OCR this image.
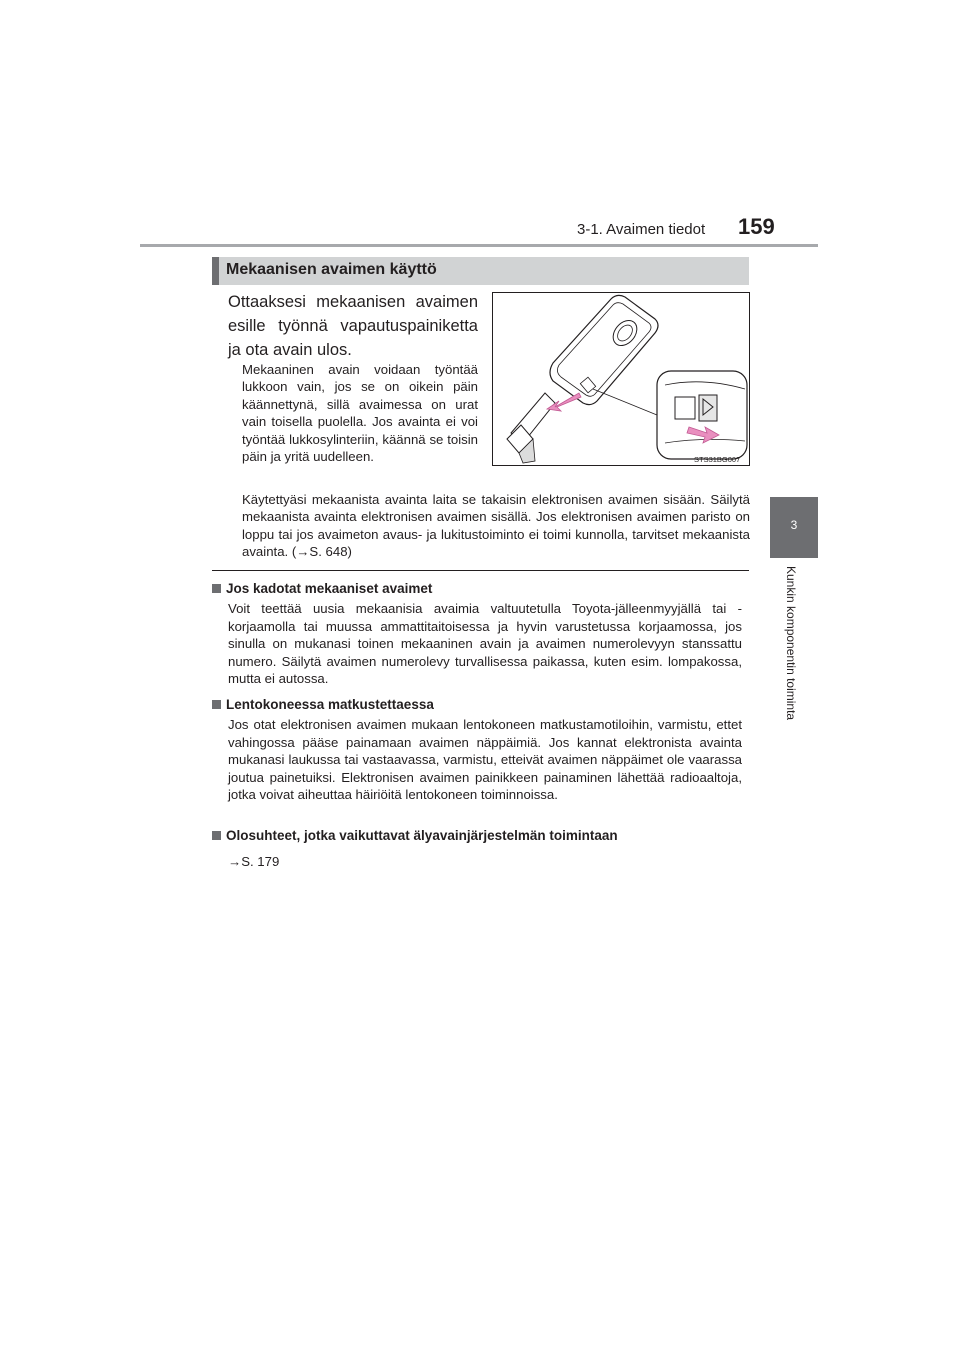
3-1. Avaimen tiedot 159
3
Kunkin komponentin toiminta
Mekaanisen avaimen käyttö
Ottaaksesi mekaanisen avaimen esille työnnä vapautuspainiketta ja ota avain ulos.
Mekaaninen avain voidaan työntää lukkoon vain, jos se on oikein päin käännettynä, sillä avaimessa on urat vain toisella puolella. Jos avainta ei voi työntää lukkosylinteriin, käännä se toisin päin ja yritä uudelleen.
Käytettyäsi mekaanista avainta laita se takaisin elektronisen avaimen sisään. Säilytä mekaanista avainta elektronisen avaimen sisällä. Jos elektronisen avaimen paristo on loppu tai jos avaimeton avaus- ja lukitustoiminto ei toimi kunnolla, tarvitset mekaanista avainta. (→S. 648)
STS31BG007
Jos kadotat mekaaniset avaimet
Voit teettää uusia mekaanisia avaimia valtuutetulla Toyota-jälleenmyyjällä tai -korjaamolla tai muussa ammattitaitoisessa ja hyvin varustetussa korjaamossa, jos sinulla on mukanasi toinen mekaaninen avain ja avaimen numerolevyyn stanssattu numero. Säilytä avaimen numerolevy turvallisessa paikassa, kuten esim. lompakossa, mutta ei autossa.
Lentokoneessa matkustettaessa
Jos otat elektronisen avaimen mukaan lentokoneen matkustamotiloihin, varmistu, ettet vahingossa pääse painamaan avaimen näppäimiä. Jos kannat elektronista avainta mukanasi laukussa tai vastaavassa, varmistu, etteivät avaimen näppäimet ole vaarassa joutua painetuiksi. Elektronisen avaimen painikkeen painaminen lähettää radioaaltoja, jotka voivat aiheuttaa häiriöitä lentokoneen toiminnoissa.
Olosuhteet, jotka vaikuttavat älyavainjärjestelmän toimintaan
→S. 179
